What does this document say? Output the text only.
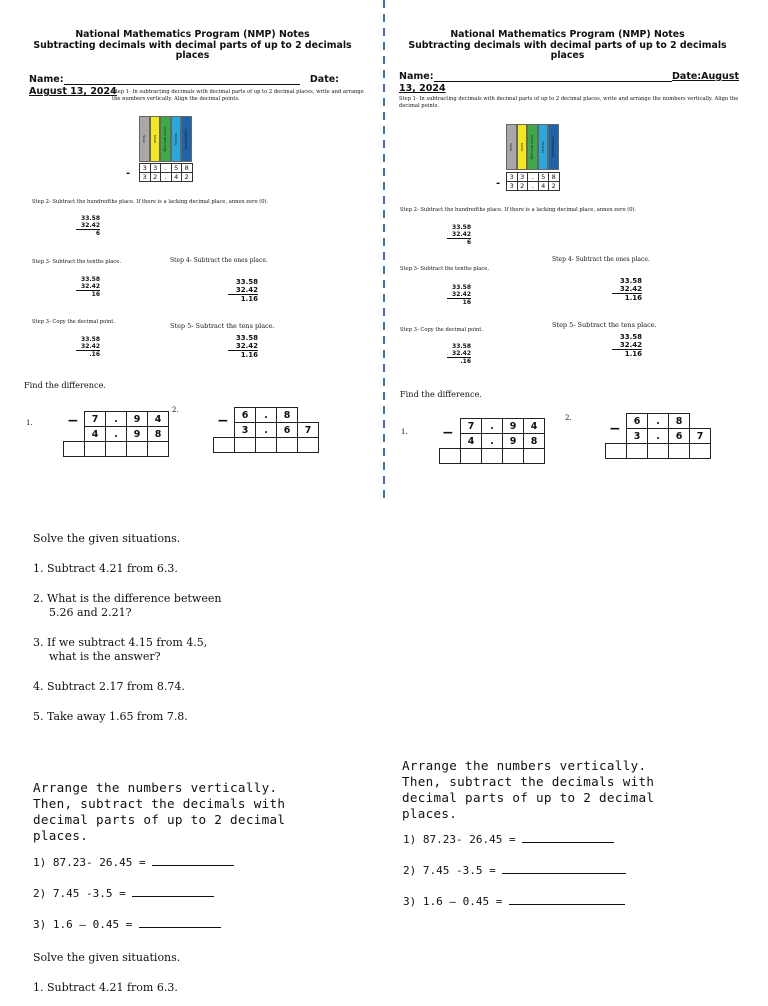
National Mathematics Program (NMP) Notes
Subtracting decimals with decimal parts of up to 2 decimals
places
Name:	Date:
August 13, 2024
Step 1- In subtracting decimals with decimal parts of up to 2 decimal places, write and arrange the numbers vertically. Align the decimal points.
tens ones Decimal point tenths hundredths
- 3	3	.	5	8
3	2	.	4	2
Step 2- Subtract the hundredths place. If there is a lacking decimal place, annex zero (0).
33.58
32.42
6
Step 3- Subtract the tenths place.
33.58
32.42
16
Step 4- Subtract the ones place.
33.58
32.42
1.16
Step 3- Copy the decimal point.
33.58
32.42
.16
Step 5- Subtract the tens place.
33.58
32.42
1.16
Find the difference.
1. −
	7	.	9	4
	4	.	9	8

2.
−
	6	.	8	
	3	.	6	7

Solve the given situations.
1. Subtract 4.21 from 6.3.
2. What is the difference between
5.26 and 2.21?
3. If we subtract 4.15 from 4.5,
what is the answer?
4. Subtract 2.17 from 8.74.
5. Take away 1.65 from 7.8.
Arrange the numbers vertically.
Then, subtract the decimals with
decimal parts of up to 2 decimal
places.
1) 87.23- 26.45 =
2) 7.45 -3.5 =
3) 1.6 – 0.45 =
Solve the given situations.
1. Subtract 4.21 from 6.3.
National Mathematics Program (NMP) Notes
Subtracting decimals with decimal parts of up to 2 decimals
places
Name:	Date:August
13, 2024
Step 1- In subtracting decimals with decimal parts of up to 2 decimal places, write and arrange the numbers vertically. Align the decimal points.
tens ones Decimal point tenths hundredths
-
3	3	.	5	8
3	2	.	4	2
Step 2- Subtract the hundredths place. If there is a lacking decimal place, annex zero (0).
33.58
32.42
6
Step 3- Subtract the tenths place.
33.58
32.42
16
Step 4- Subtract the ones place.
33.58
32.42
1.16
Step 3- Copy the decimal point.
33.58
32.42
.16
Step 5- Subtract the tens place.
33.58
32.42
1.16
Find the difference.
1. −
	7	.	9	4
	4	.	9	8

2.
−
	6	.	8	
	3	.	6	7

Arrange the numbers vertically.
Then, subtract the decimals with
decimal parts of up to 2 decimal
places.
1) 87.23- 26.45 =
2) 7.45 -3.5 =
3) 1.6 – 0.45 =
